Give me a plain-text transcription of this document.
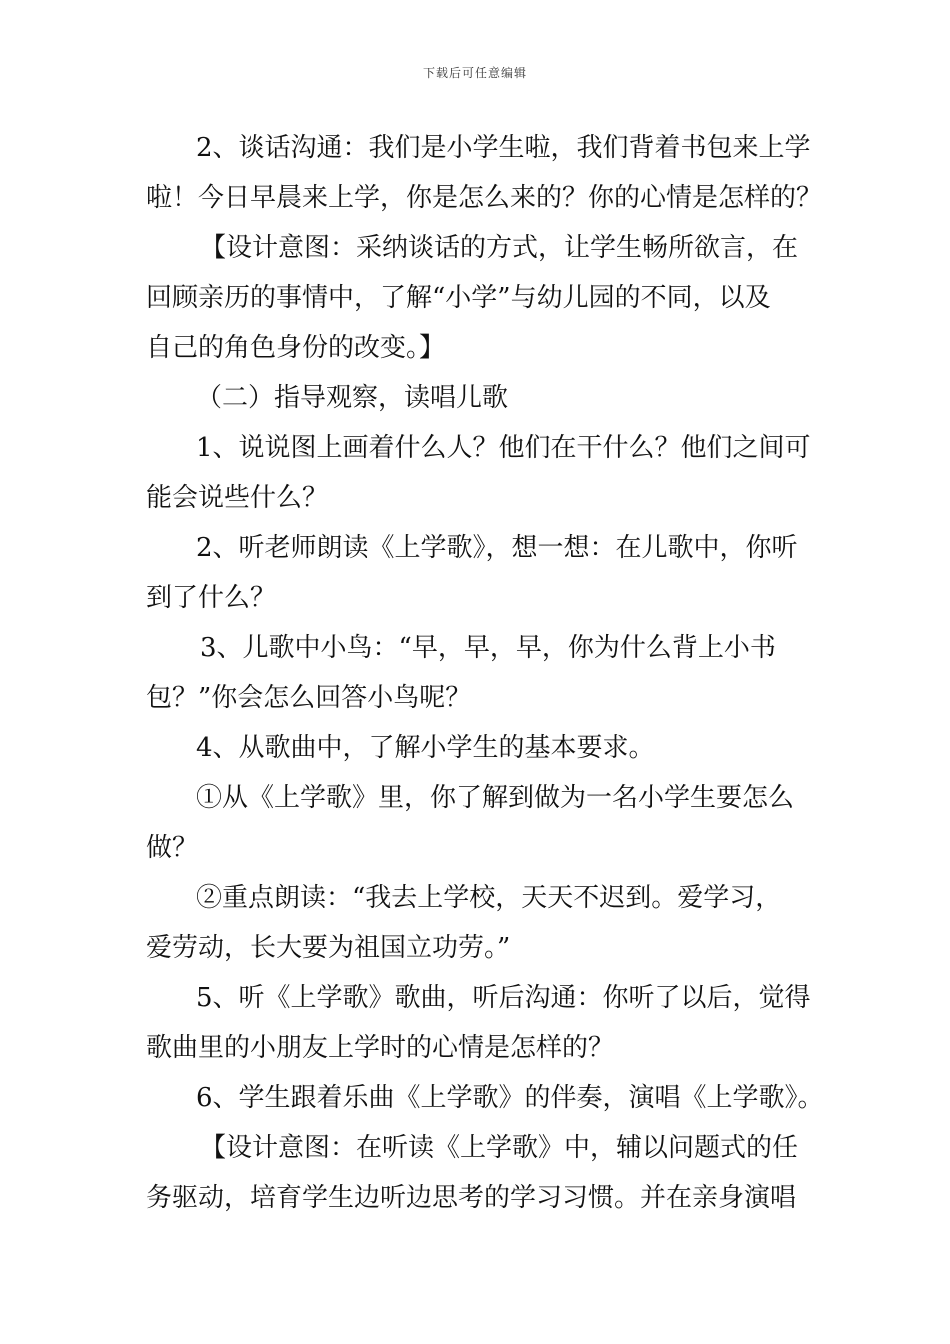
下载后可任意编辑
2、谈话沟通：我们是小学生啦，我们背着书包来上学
啦！今日早晨来上学，你是怎么来的？你的心情是怎样的？
【设计意图：采纳谈话的方式，让学生畅所欲言，在
回顾亲历的事情中，了解“小学”与幼儿园的不同，以及
自己的角色身份的改变。】
（二）指导观察，读唱儿歌
1、说说图上画着什么人？他们在干什么？他们之间可
能会说些什么？
2、听老师朗读《上学歌》，想一想：在儿歌中，你听
到了什么？
3、儿歌中小鸟：“早，早，早，你为什么背上小书
包？”你会怎么回答小鸟呢？
4、从歌曲中，了解小学生的基本要求。
①从《上学歌》里，你了解到做为一名小学生要怎么
做？
②重点朗读：“我去上学校，天天不迟到。爱学习，
爱劳动，长大要为祖国立功劳。”
5、听《上学歌》歌曲，听后沟通：你听了以后，觉得
歌曲里的小朋友上学时的心情是怎样的？
6、学生跟着乐曲《上学歌》的伴奏，演唱《上学歌》。
【设计意图：在听读《上学歌》中，辅以问题式的任
务驱动，培育学生边听边思考的学习习惯。并在亲身演唱
